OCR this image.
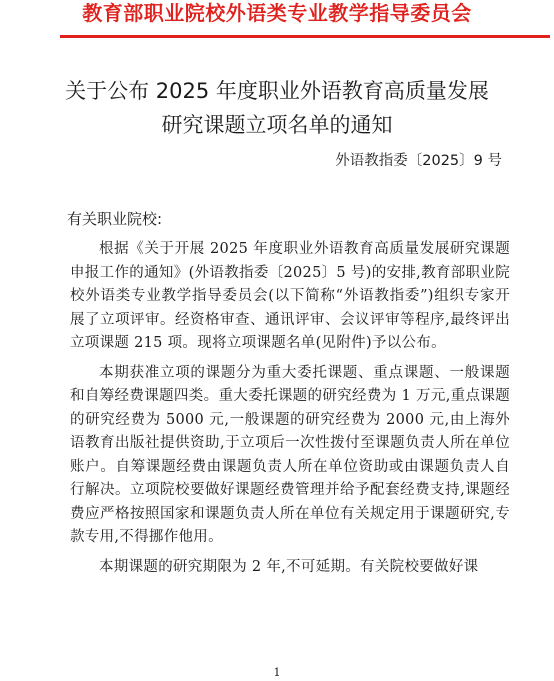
教育部职业院校外语类专业教学指导委员会
关于公布 2025 年度职业外语教育高质量发展
研究课题立项名单的通知
外语教指委〔2025〕9 号
有关职业院校:

根据《关于开展 2025 年度职业外语教育高质量发展研究课题申报工作的通知》(外语教指委〔2025〕5 号)的安排,教育部职业院校外语类专业教学指导委员会(以下简称“外语教指委”)组织专家开展了立项评审。经资格审查、通讯评审、会议评审等程序,最终评出立项课题 215 项。现将立项课题名单(见附件)予以公布。

本期获准立项的课题分为重大委托课题、重点课题、一般课题和自筹经费课题四类。重大委托课题的研究经费为 1 万元,重点课题的研究经费为 5000 元,一般课题的研究经费为 2000 元,由上海外语教育出版社提供资助,于立项后一次性拨付至课题负责人所在单位账户。自筹课题经费由课题负责人所在单位资助或由课题负责人自行解决。立项院校要做好课题经费管理并给予配套经费支持,课题经费应严格按照国家和课题负责人所在单位有关规定用于课题研究,专款专用,不得挪作他用。

本期课题的研究期限为 2 年,不可延期。有关院校要做好课

1
